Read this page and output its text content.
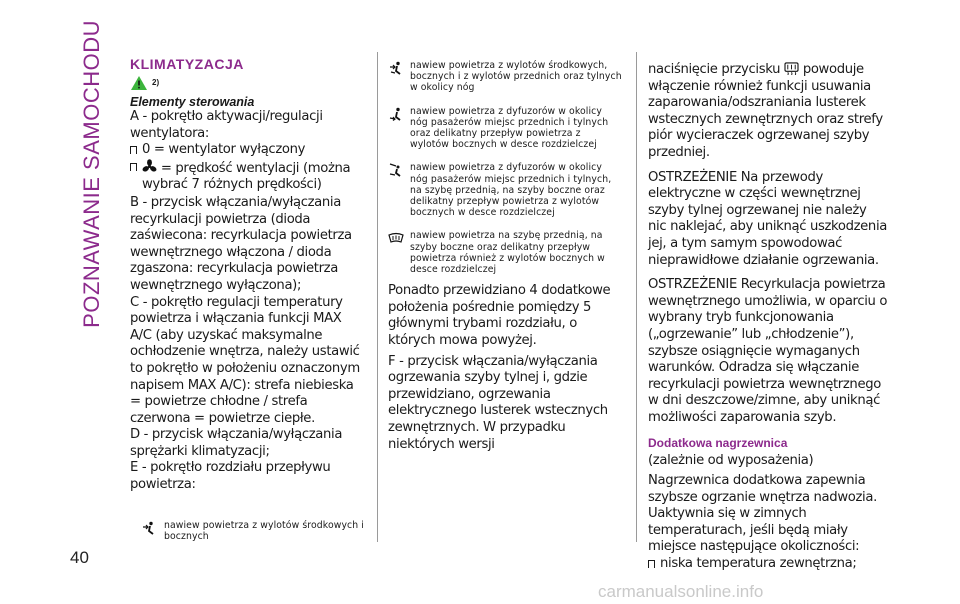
POZNAWANIE SAMOCHODU
40
KLIMATYZACJA
2)
Elementy sterowania

A - pokrętło aktywacji/regulacji wentylatora:

0 = wentylator wyłączony

= prędkość wentylacji (można wybrać 7 różnych prędkości)

B - przycisk włączania/wyłączania recyrkulacji powietrza (dioda zaświecona: recyrkulacja powietrza wewnętrznego włączona / dioda zgaszona: recyrkulacja powietrza wewnętrznego wyłączona);

C - pokrętło regulacji temperatury powietrza i włączania funkcji MAX A/C (aby uzyskać maksymalne ochłodzenie wnętrza, należy ustawić to pokrętło w położeniu oznaczonym napisem MAX A/C): strefa niebieska = powietrze chłodne / strefa czerwona = powietrze ciepłe.

D - przycisk włączania/wyłączania sprężarki klimatyzacji;

E - pokrętło rozdziału przepływu powietrza:

nawiew powietrza z wylotów środkowych i bocznych
nawiew powietrza z wylotów środkowych, bocznych i z wylotów przednich oraz tylnych w okolicy nóg
nawiew powietrza z dyfuzorów w okolicy nóg pasażerów miejsc przednich i tylnych oraz delikatny przepływ powietrza z wylotów bocznych w desce rozdzielczej
nawiew powietrza z dyfuzorów w okolicy nóg pasażerów miejsc przednich i tylnych, na szybę przednią, na szyby boczne oraz delikatny przepływ powietrza z wylotów bocznych w desce rozdzielczej
nawiew powietrza na szybę przednią, na szyby boczne oraz delikatny przepływ powietrza również z wylotów bocznych w desce rozdzielczej

Ponadto przewidziano 4 dodatkowe położenia pośrednie pomiędzy 5 głównymi trybami rozdziału, o których mowa powyżej.

F - przycisk włączania/wyłączania ogrzewania szyby tylnej i, gdzie przewidziano, ogrzewania elektrycznego lusterek wstecznych zewnętrznych. W przypadku niektórych wersji

naciśnięcie przycisku powoduje włączenie również funkcji usuwania zaparowania/odszraniania lusterek wstecznych zewnętrznych oraz strefy piór wycieraczek ogrzewanej szyby przedniej.

OSTRZEŻENIE Na przewody elektryczne w części wewnętrznej szyby tylnej ogrzewanej nie należy nic naklejać, aby uniknąć uszkodzenia jej, a tym samym spowodować nieprawidłowe działanie ogrzewania.

OSTRZEŻENIE Recyrkulacja powietrza wewnętrznego umożliwia, w oparciu o wybrany tryb funkcjonowania („ogrzewanie” lub „chłodzenie”), szybsze osiągnięcie wymaganych warunków. Odradza się włączanie recyrkulacji powietrza wewnętrznego w dni deszczowe/zimne, aby uniknąć możliwości zaparowania szyb.

Dodatkowa nagrzewnica

(zależnie od wyposażenia)

Nagrzewnica dodatkowa zapewnia szybsze ogrzanie wnętrza nadwozia. Uaktywnia się w zimnych temperaturach, jeśli będą miały miejsce następujące okoliczności:

niska temperatura zewnętrzna;

carmanualsonline.info
